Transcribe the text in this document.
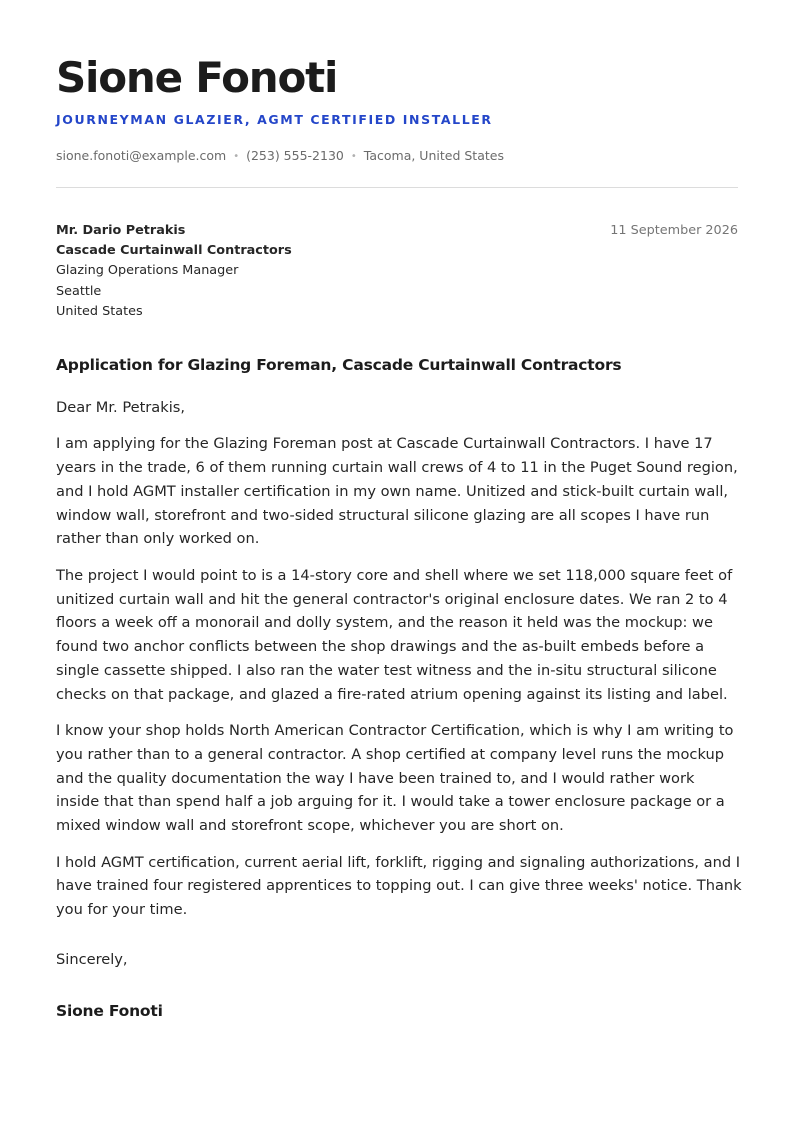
Sione Fonoti
JOURNEYMAN GLAZIER, AGMT CERTIFIED INSTALLER
sione.fonoti@example.com • (253) 555-2130 • Tacoma, United States
Mr. Dario Petrakis
Cascade Curtainwall Contractors
Glazing Operations Manager
Seattle
United States
11 September 2026
Application for Glazing Foreman, Cascade Curtainwall Contractors

Dear Mr. Petrakis,

I am applying for the Glazing Foreman post at Cascade Curtainwall Contractors. I have 17 years in the trade, 6 of them running curtain wall crews of 4 to 11 in the Puget Sound region, and I hold AGMT installer certification in my own name. Unitized and stick-built curtain wall, window wall, storefront and two-sided structural silicone glazing are all scopes I have run rather than only worked on.

The project I would point to is a 14-story core and shell where we set 118,000 square feet of unitized curtain wall and hit the general contractor's original enclosure dates. We ran 2 to 4 floors a week off a monorail and dolly system, and the reason it held was the mockup: we found two anchor conflicts between the shop drawings and the as-built embeds before a single cassette shipped. I also ran the water test witness and the in-situ structural silicone checks on that package, and glazed a fire-rated atrium opening against its listing and label.

I know your shop holds North American Contractor Certification, which is why I am writing to you rather than to a general contractor. A shop certified at company level runs the mockup and the quality documentation the way I have been trained to, and I would rather work inside that than spend half a job arguing for it. I would take a tower enclosure package or a mixed window wall and storefront scope, whichever you are short on.

I hold AGMT certification, current aerial lift, forklift, rigging and signaling authorizations, and I have trained four registered apprentices to topping out. I can give three weeks' notice. Thank you for your time.

Sincerely,
Sione Fonoti
